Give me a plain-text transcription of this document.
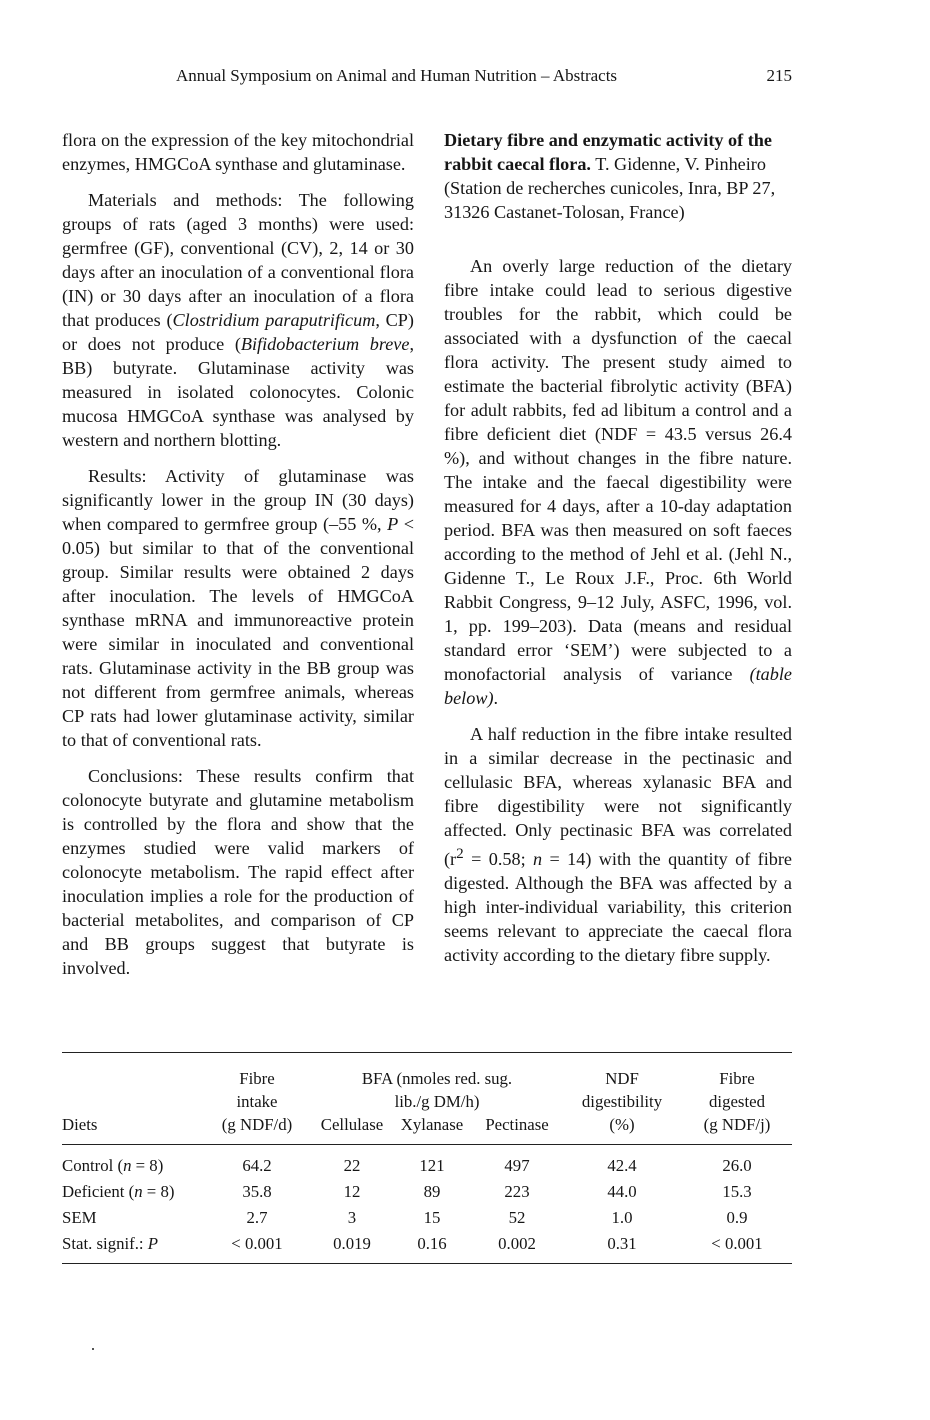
Annual Symposium on Animal and Human Nutrition – Abstracts	215

flora on the expression of the key mitochondrial enzymes, HMGCoA synthase and glutaminase.

Materials and methods: The following groups of rats (aged 3 months) were used: germfree (GF), conventional (CV), 2, 14 or 30 days after an inoculation of a conventional flora (IN) or 30 days after an inoculation of a flora that produces (Clostridium paraputrificum, CP) or does not produce (Bifidobacterium breve, BB) butyrate. Glutaminase activity was measured in isolated colonocytes. Colonic mucosa HMGCoA synthase was analysed by western and northern blotting.

Results: Activity of glutaminase was significantly lower in the group IN (30 days) when compared to germfree group (–55 %, P < 0.05) but similar to that of the conventional group. Similar results were obtained 2 days after inoculation. The levels of HMGCoA synthase mRNA and immunoreactive protein were similar in inoculated and conventional rats. Glutaminase activity in the BB group was not different from germfree animals, whereas CP rats had lower glutaminase activity, similar to that of conventional rats.

Conclusions: These results confirm that colonocyte butyrate and glutamine metabolism is controlled by the flora and show that the enzymes studied were valid markers of colonocyte metabolism. The rapid effect after inoculation implies a role for the production of bacterial metabolites, and comparison of CP and BB groups suggest that butyrate is involved.

Dietary fibre and enzymatic activity of the rabbit caecal flora. T. Gidenne, V. Pinheiro (Station de recherches cunicoles, Inra, BP 27, 31326 Castanet-Tolosan, France)

An overly large reduction of the dietary fibre intake could lead to serious digestive troubles for the rabbit, which could be associated with a dysfunction of the caecal flora activity. The present study aimed to estimate the bacterial fibrolytic activity (BFA) for adult rabbits, fed ad libitum a control and a fibre deficient diet (NDF = 43.5 versus 26.4 %), and without changes in the fibre nature. The intake and the faecal digestibility were measured for 4 days, after a 10-day adaptation period. BFA was then measured on soft faeces according to the method of Jehl et al. (Jehl N., Gidenne T., Le Roux J.F., Proc. 6th World Rabbit Congress, 9–12 July, ASFC, 1996, vol. 1, pp. 199–203). Data (means and residual standard error ‘SEM’) were subjected to a monofactorial analysis of variance (table below).

A half reduction in the fibre intake resulted in a similar decrease in the pectinasic and cellulasic BFA, whereas xylanasic BFA and fibre digestibility were not significantly affected. Only pectinasic BFA was correlated ($r^2 = 0.58$; n = 14) with the quantity of fibre digested. Although the BFA was affected by a high inter-individual variability, this criterion seems relevant to appreciate the caecal flora activity according to the dietary fibre supply.

	Fibre	BFA (nmoles red. sug.			NDF	Fibre
	intake	lib./g DM/h)			digestibility	digested
Diets	(g NDF/d)	Cellulase	Xylanase	Pectinase	(%)	(g NDF/j)
Control (n = 8)	64.2	22	121	497	42.4	26.0
Deficient (n = 8)	35.8	12	89	223	44.0	15.3
SEM	2.7	3	15	52	1.0	0.9
Stat. signif.: P	< 0.001	0.019	0.16	0.002	0.31	< 0.001
